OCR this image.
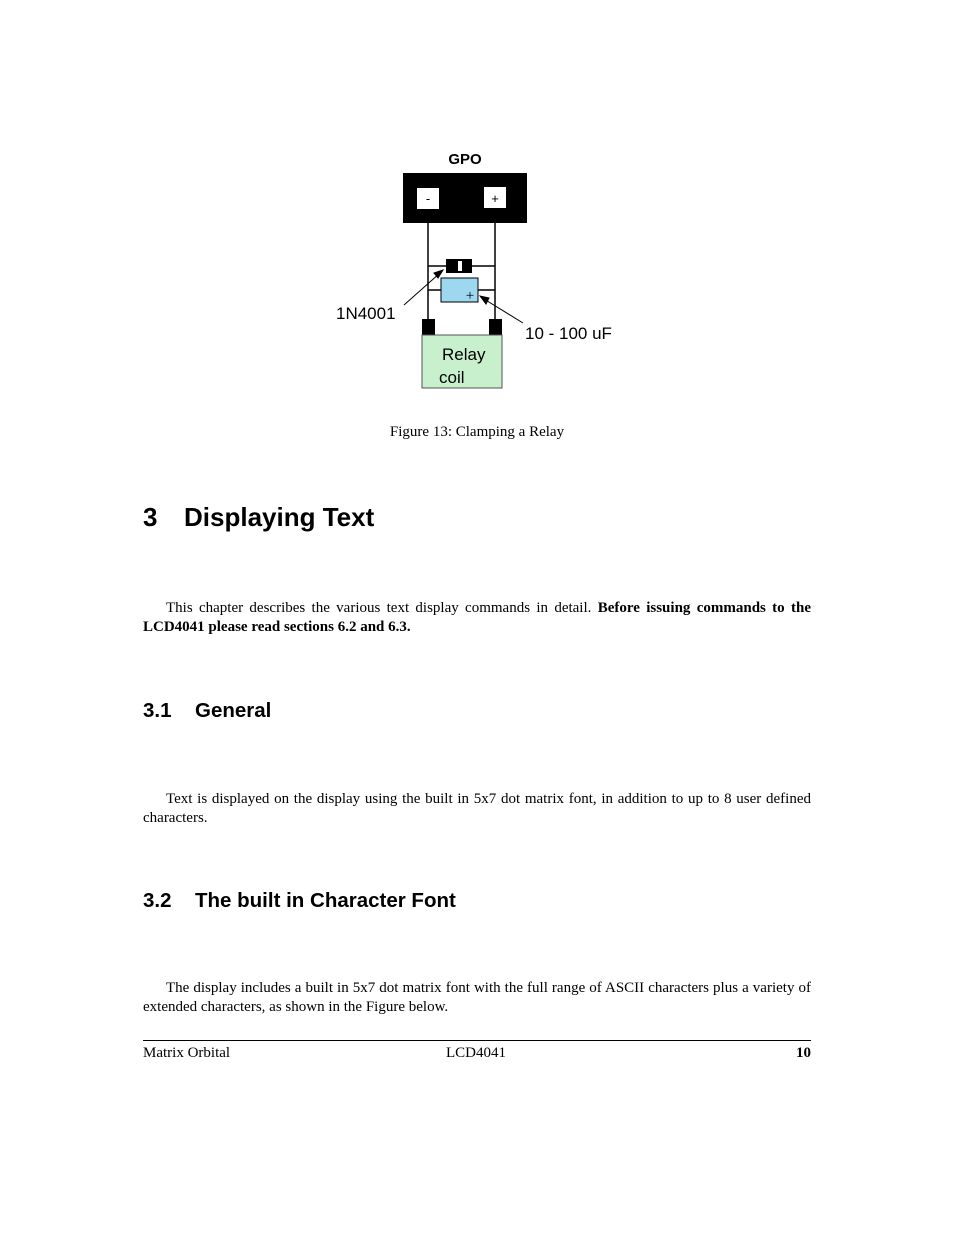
GPO
-	+
+
Relay
coil
1N4001
10 - 100 uF
Figure 13: Clamping a Relay
3 Displaying Text

This chapter describes the various text display commands in detail. Before issuing commands to the LCD4041 please read sections 6.2 and 6.3.

3.1 General

Text is displayed on the display using the built in 5x7 dot matrix font, in addition to up to 8 user defined characters.

3.2 The built in Character Font

The display includes a built in 5x7 dot matrix font with the full range of ASCII characters plus a variety of extended characters, as shown in the Figure below.

Matrix Orbital	LCD4041	10
